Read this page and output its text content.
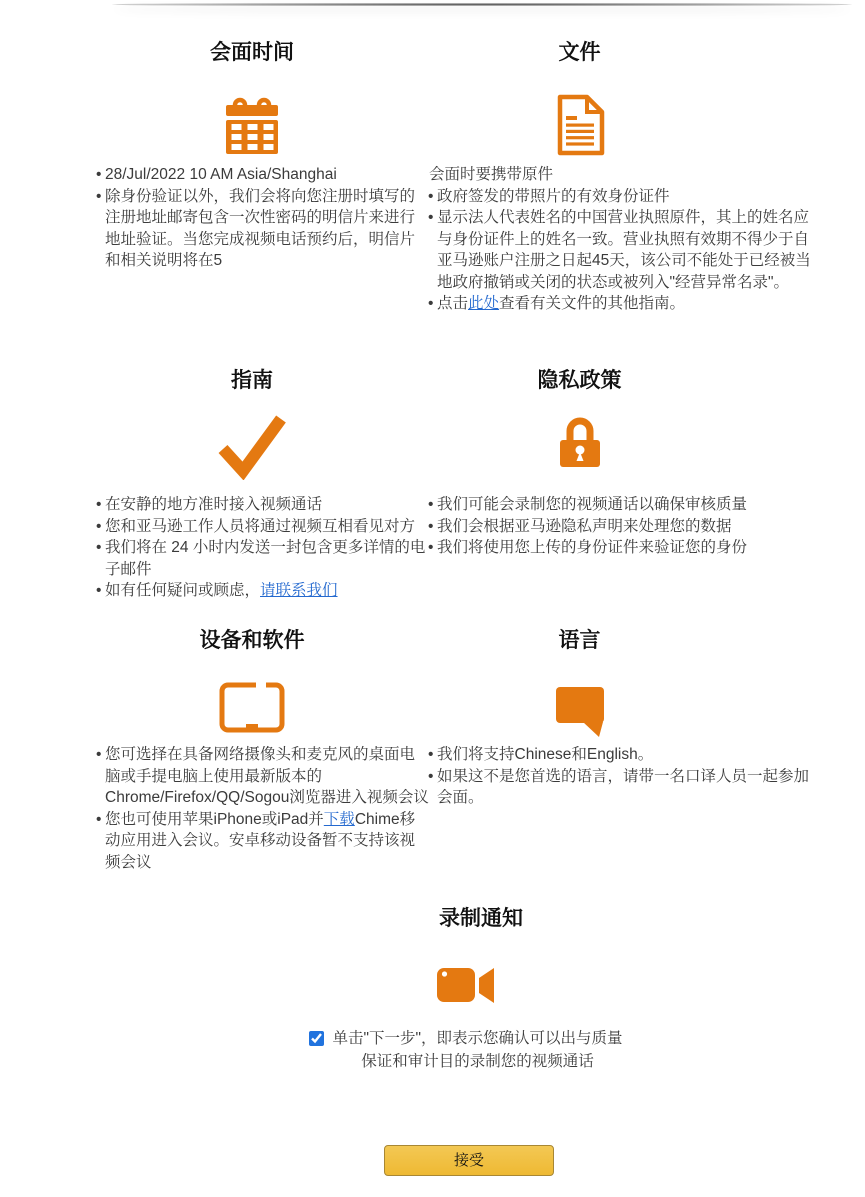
会面时间
• 28/Jul/2022 10 AM Asia/Shanghai
• 除身份验证以外，我们会将向您注册时填写的注册地址邮寄包含一次性密码的明信片来进行地址验证。当您完成视频电话预约后，明信片和相关说明将在5
文件

会面时要携带原件

• 政府签发的带照片的有效身份证件
• 显示法人代表姓名的中国营业执照原件，其上的姓名应与身份证件上的姓名一致。营业执照有效期不得少于自亚马逊账户注册之日起45天，该公司不能处于已经被当地政府撤销或关闭的状态或被列入"经营异常名录"。
• 点击此处查看有关文件的其他指南。
指南
• 在安静的地方准时接入视频通话
• 您和亚马逊工作人员将通过视频互相看见对方
• 我们将在 24 小时内发送一封包含更多详情的电子邮件
• 如有任何疑问或顾虑，请联系我们
隐私政策
• 我们可能会录制您的视频通话以确保审核质量
• 我们会根据亚马逊隐私声明来处理您的数据
• 我们将使用您上传的身份证件来验证您的身份
设备和软件
• 您可选择在具备网络摄像头和麦克风的桌面电脑或手提电脑上使用最新版本的Chrome/Firefox/QQ/Sogou浏览器进入视频会议
• 您也可使用苹果iPhone或iPad并下载Chime移动应用进入会议。安卓移动设备暂不支持该视频会议
语言
• 我们将支持Chinese和English。
• 如果这不是您首选的语言，请带一名口译人员一起参加会面。
录制通知
单击"下一步"，即表示您确认可以出与质量保证和审计目的录制您的视频通话
接受
